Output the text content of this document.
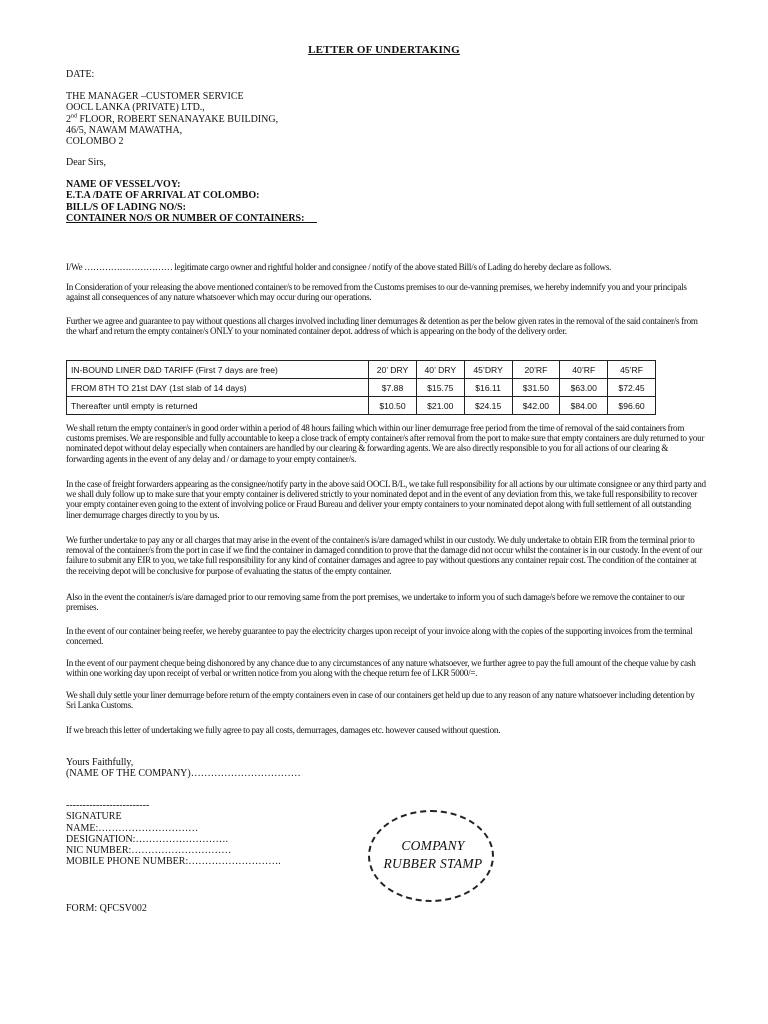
LETTER OF UNDERTAKING
DATE:
THE MANAGER –CUSTOMER SERVICE
OOCL LANKA (PRIVATE) LTD.,
2nd FLOOR, ROBERT SENANAYAKE BUILDING,
46/5, NAWAM MAWATHA,
COLOMBO 2
Dear Sirs,
NAME OF VESSEL/VOY:
E.T.A /DATE OF ARRIVAL AT COLOMBO:
BILL/S OF LADING NO/S:
CONTAINER NO/S OR NUMBER OF CONTAINERS:
I/We ………………………… legitimate cargo owner and rightful holder and consignee / notify of the above stated Bill/s of Lading do hereby declare as follows.
In Consideration of your releasing the above mentioned container/s to be removed from the Customs premises to our de-vanning premises, we hereby indemnify you and your principals against all consequences of any nature whatsoever which may occur during our operations.
Further we agree and guarantee to pay without questions all charges involved including liner demurrages & detention as per the below given rates in the removal of the said container/s from the wharf and return the empty container/s ONLY to your nominated container depot. address of which is appearing on the body of the delivery order.
IN-BOUND LINER D&D TARIFF (First 7 days are free)	20’ DRY	40’ DRY	45’DRY	20’RF	40’RF	45’RF
FROM 8TH TO 21st DAY (1st slab of 14 days)	$7.88	$15.75	$16.11	$31.50	$63.00	$72.45
Thereafter until empty is returned	$10.50	$21.00	$24.15	$42.00	$84.00	$96.60
We shall return the empty container/s in good order within a period of 48 hours failing which within our liner demurrage free period from the time of removal of the said containers from customs premises. We are responsible and fully accountable to keep a close track of empty container/s after removal from the port to make sure that empty containers are duly returned to your nominated depot without delay especially when containers are handled by our clearing & forwarding agents. We are also directly responsible to you for all actions of our clearing & forwarding agents in the event of any delay and / or damage to your empty container/s.
In the case of freight forwarders appearing as the consignee/notify party in the above said OOCL B/L, we take full responsibility for all actions by our ultimate consignee or any third party and we shall duly follow up to make sure that your empty container is delivered strictly to your nominated depot and in the event of any deviation from this, we take full responsibility to recover your empty container even going to the extent of involving police or Fraud Bureau and deliver your empty containers to your nominated depot along with full settlement of all outstanding liner demurrage charges directly to you by us.
We further undertake to pay any or all charges that may arise in the event of the container/s is/are damaged whilst in our custody. We duly undertake to obtain EIR from the terminal prior to removal of the container/s from the port in case if we find the container in damaged conndition to prove that the damage did not occur whilst the container is in our custody. In the event of our failure to submit any EIR to you, we take full responsibility for any kind of container damages and agree to pay without questions any container repair cost. The condition of the container at the receiving depot will be conclusive for purpose of evaluating the status of the empty container.
Also in the event the container/s is/are damaged prior to our removing same from the port premises, we undertake to inform you of such damage/s before we remove the container to our premises.
In the event of our container being reefer, we hereby guarantee to pay the electricity charges upon receipt of your invoice along with the copies of the supporting invoices from the terminal concerned.
In the event of our payment cheque being dishonored by any chance due to any circumstances of any nature whatsoever, we further agree to pay the full amount of the cheque value by cash within one working day upon receipt of verbal or written notice from you along with the cheque return fee of LKR 5000/=.
We shall duly settle your liner demurrage before return of the empty containers even in case of our containers get held up due to any reason of any nature whatsoever including detention by Sri Lanka Customs.
If we breach this letter of undertaking we fully agree to pay all costs, demurrages, damages etc. however caused without question.
Yours Faithfully,
(NAME OF THE COMPANY)……………………………
-------------------------
SIGNATURE
NAME:…………………………
DESIGNATION:……………………….
NIC NUMBER:…………………………
MOBILE PHONE NUMBER:……………………….
COMPANY
RUBBER STAMP
FORM: QFCSV002
